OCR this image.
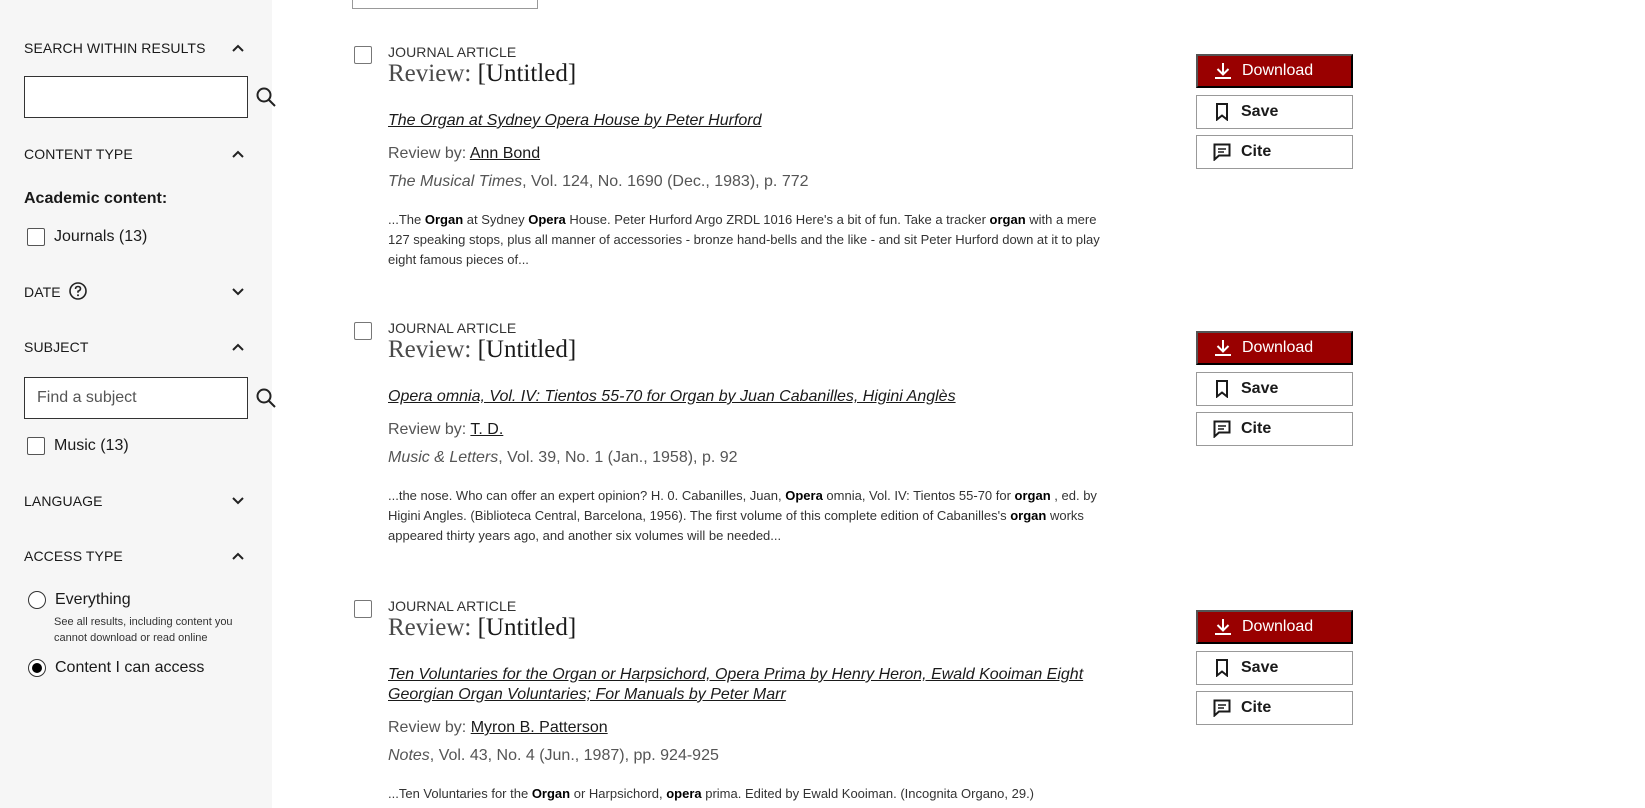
SEARCH WITHIN RESULTS
CONTENT TYPE
Academic content:
Journals (13)
DATE
SUBJECT
Find a subject
Music (13)
LANGUAGE
ACCESS TYPE
Everything
See all results, including content you cannot download or read online
Content I can access
JOURNAL ARTICLE
Review: [Untitled]
The Organ at Sydney Opera House by Peter Hurford
Review by: Ann Bond
The Musical Times, Vol. 124, No. 1690 (Dec., 1983), p. 772
...The Organ at Sydney Opera House. Peter Hurford Argo ZRDL 1016 Here's a bit of fun. Take a tracker organ with a mere 127 speaking stops, plus all manner of accessories - bronze hand-bells and the like - and sit Peter Hurford down at it to play eight famous pieces of...
Download
Save
Cite
JOURNAL ARTICLE
Review: [Untitled]
Opera omnia, Vol. IV: Tientos 55-70 for Organ by Juan Cabanilles, Higini Anglès
Review by: T. D.
Music & Letters, Vol. 39, No. 1 (Jan., 1958), p. 92
...the nose. Who can offer an expert opinion? H. 0. Cabanilles, Juan, Opera omnia, Vol. IV: Tientos 55-70 for organ , ed. by Higini Angles. (Biblioteca Central, Barcelona, 1956). The first volume of this complete edition of Cabanilles's organ works appeared thirty years ago, and another six volumes will be needed...
Download
Save
Cite
JOURNAL ARTICLE
Review: [Untitled]
Ten Voluntaries for the Organ or Harpsichord, Opera Prima by Henry Heron, Ewald Kooiman Eight Georgian Organ Voluntaries; For Manuals by Peter Marr
Review by: Myron B. Patterson
Notes, Vol. 43, No. 4 (Jun., 1987), pp. 924-925
...Ten Voluntaries for the Organ or Harpsichord, opera prima. Edited by Ewald Kooiman. (Incognita Organo, 29.)
Download
Save
Cite
